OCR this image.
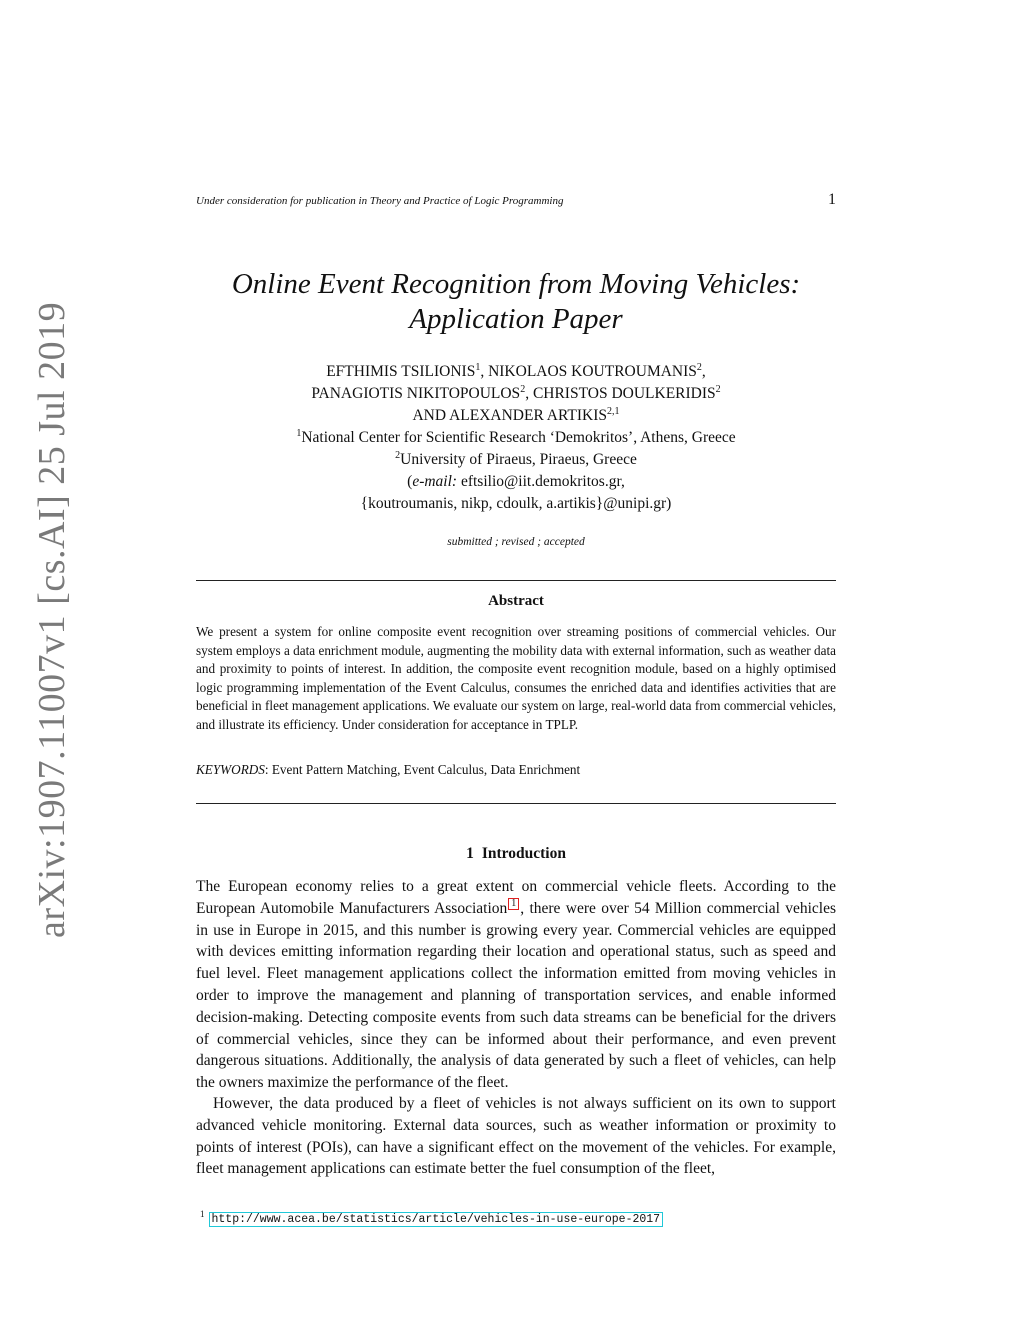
arXiv:1907.11007v1 [cs.AI] 25 Jul 2019
Under consideration for publication in Theory and Practice of Logic Programming	1
Online Event Recognition from Moving Vehicles:
Application Paper
EFTHIMIS TSILIONIS$^1$, NIKOLAOS KOUTROUMANIS$^2$,
PANAGIOTIS NIKITOPOULOS$^2$, CHRISTOS DOULKERIDIS$^2$
AND ALEXANDER ARTIKIS$^{2,1}$
$^1$National Center for Scientific Research ‘Demokritos’, Athens, Greece
$^2$University of Piraeus, Piraeus, Greece
(e-mail: eftsilio@iit.demokritos.gr,
{koutroumanis, nikp, cdoulk, a.artikis}@unipi.gr)
submitted ; revised ; accepted
Abstract
We present a system for online composite event recognition over streaming positions of commercial vehicles. Our system employs a data enrichment module, augmenting the mobility data with external information, such as weather data and proximity to points of interest. In addition, the composite event recognition module, based on a highly optimised logic programming implementation of the Event Calculus, consumes the enriched data and identifies activities that are beneficial in fleet management applications. We evaluate our system on large, real-world data from commercial vehicles, and illustrate its efficiency. Under consideration for acceptance in TPLP.
KEYWORDS: Event Pattern Matching, Event Calculus, Data Enrichment
1 Introduction

The European economy relies to a great extent on commercial vehicle fleets. According to the European Automobile Manufacturers Association 1 , there were over 54 Million commercial vehicles in use in Europe in 2015, and this number is growing every year. Commercial vehicles are equipped with devices emitting information regarding their location and operational status, such as speed and fuel level. Fleet management applications collect the information emitted from moving vehicles in order to improve the management and planning of transportation services, and enable informed decision-making. Detecting composite events from such data streams can be beneficial for the drivers of commercial vehicles, since they can be informed about their performance, and even prevent dangerous situations. Additionally, the analysis of data generated by such a fleet of vehicles, can help the owners maximize the performance of the fleet.

However, the data produced by a fleet of vehicles is not always sufficient on its own to support advanced vehicle monitoring. External data sources, such as weather information or proximity to points of interest (POIs), can have a significant effect on the movement of the vehicles. For example, fleet management applications can estimate better the fuel consumption of the fleet,

$^1$ http://www.acea.be/statistics/article/vehicles-in-use-europe-2017
